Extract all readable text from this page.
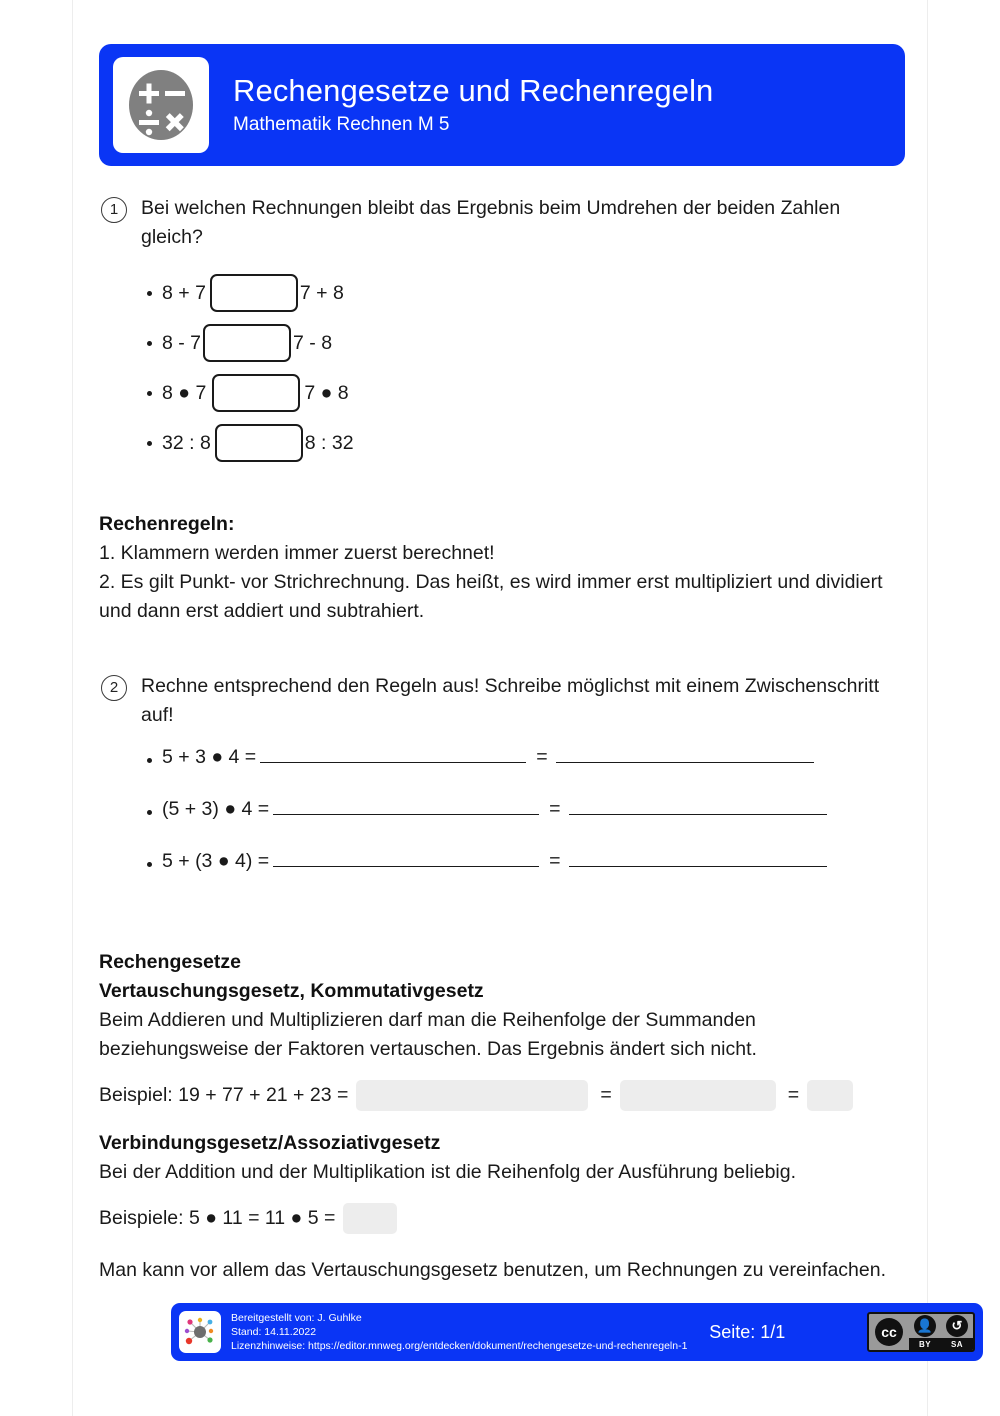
Rechengesetze und Rechenregeln
Mathematik Rechnen M 5
1	Bei welchen Rechnungen bleibt das Ergebnis beim Umdrehen der beiden Zahlen gleich?
8 + 7	7 + 8
8 - 7	7 - 8
8 ● 7	7 ● 8
32 : 8	8 : 32
Rechenregeln:
1. Klammern werden immer zuerst berechnet!
2. Es gilt Punkt- vor Strichrechnung. Das heißt, es wird immer erst multipliziert und dividiert und dann erst addiert und subtrahiert.
2	Rechne entsprechend den Regeln aus! Schreibe möglichst mit einem Zwischenschritt auf!
5 + 3 ● 4 =	=
(5 + 3) ● 4 =	=
5 + (3 ● 4) =	=
Rechengesetze
Vertauschungsgesetz, Kommutativgesetz
Beim Addieren und Multiplizieren darf man die Reihenfolge der Summanden beziehungsweise der Faktoren vertauschen. Das Ergebnis ändert sich nicht.
Beispiel: 19 + 77 + 21 + 23 =	=	=
Verbindungsgesetz/Assoziativgesetz
Bei der Addition und der Multiplikation ist die Reihenfolg der Ausführung beliebig.
Beispiele: 5 ● 11 = 11 ● 5 =
Man kann vor allem das Vertauschungsgesetz benutzen, um Rechnungen zu vereinfachen.
Bereitgestellt von: J. Guhlke
Stand: 14.11.2022
Lizenzhinweise: https://editor.mnweg.org/entdecken/dokument/rechengesetze-und-rechenregeln-1
Seite: 1/1	cc	👤	↺
BY	SA
